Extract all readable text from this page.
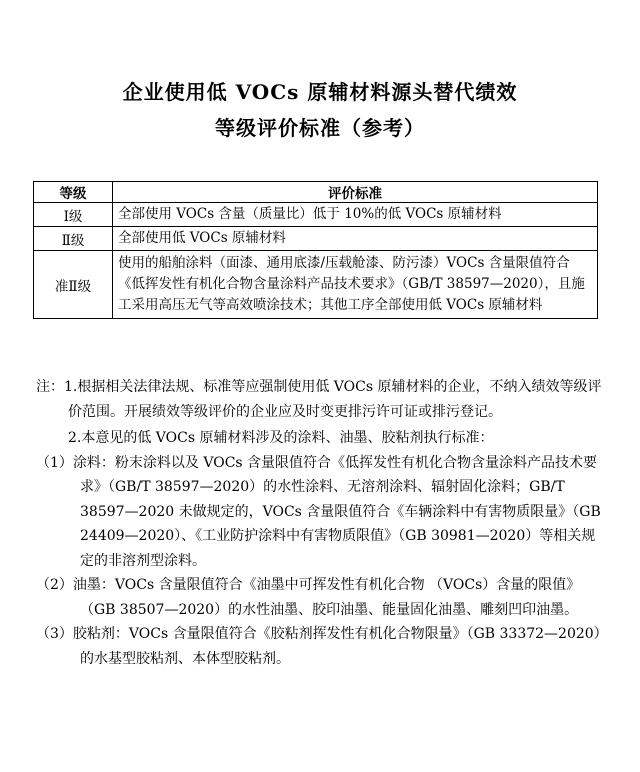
企业使用低 VOCs 原辅材料源头替代绩效
等级评价标准（参考）
等级	评价标准
Ⅰ级	全部使用 VOCs 含量（质量比）低于 10%的低 VOCs 原辅材料
Ⅱ级	全部使用低 VOCs 原辅材料
准Ⅱ级	使用的船舶涂料（面漆、通用底漆/压载舱漆、防污漆）VOCs 含量限值符合《低挥发性有机化合物含量涂料产品技术要求》（GB/T 38597—2020），且施工采用高压无气等高效喷涂技术；其他工序全部使用低 VOCs 原辅材料

注：1.根据相关法律法规、标准等应强制使用低 VOCs 原辅材料的企业，不纳入绩效等级评价范围。开展绩效等级评价的企业应及时变更排污许可证或排污登记。

2.本意见的低 VOCs 原辅材料涉及的涂料、油墨、胶粘剂执行标准：

（1）涂料：粉末涂料以及 VOCs 含量限值符合《低挥发性有机化合物含量涂料产品技术要求》（GB/T 38597—2020）的水性涂料、无溶剂涂料、辐射固化涂料；GB/T 38597—2020 未做规定的，VOCs 含量限值符合《车辆涂料中有害物质限量》（GB 24409—2020）、《工业防护涂料中有害物质限值》（GB 30981—2020）等相关规定的非溶剂型涂料。

（2）油墨：VOCs 含量限值符合《油墨中可挥发性有机化合物 （VOCs）含量的限值》（GB 38507—2020）的水性油墨、胶印油墨、能量固化油墨、雕刻凹印油墨。

（3）胶粘剂：VOCs 含量限值符合《胶粘剂挥发性有机化合物限量》（GB 33372—2020）的水基型胶粘剂、本体型胶粘剂。
